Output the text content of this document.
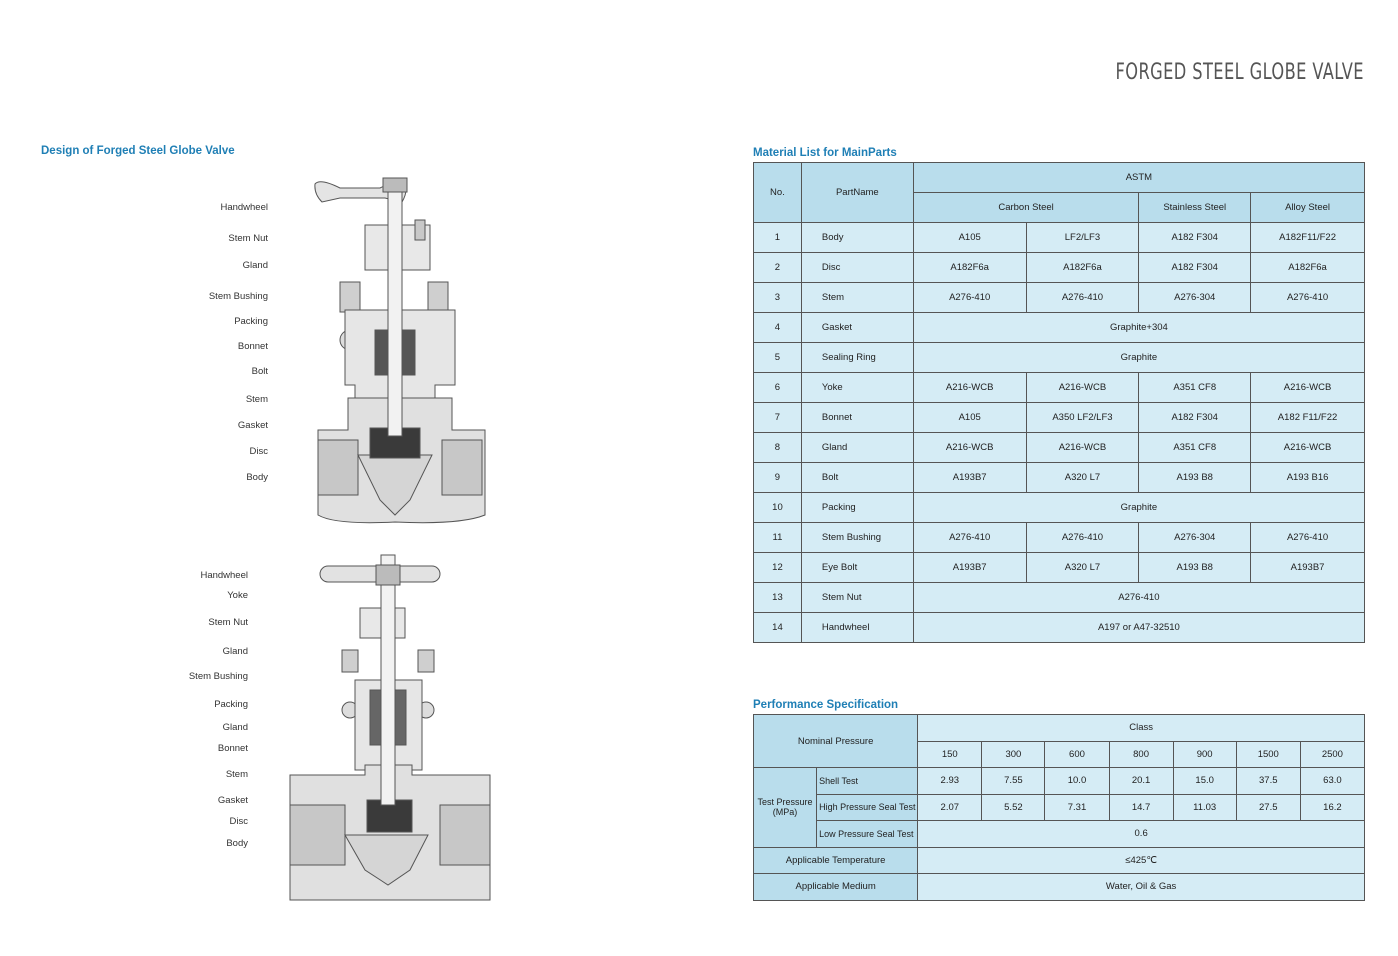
FORGED STEEL GLOBE VALVE
Design of Forged Steel Globe Valve
Handwheel
Stem Nut
Gland
Stem Bushing
Packing
Bonnet
Bolt
Stem
Gasket
Disc
Body
Handwheel
Yoke
Stem Nut
Gland
Stem Bushing
Packing
Gland
Bonnet
Stem
Gasket
Disc
Body
Material List for MainParts
No.	PartName	ASTM			
		Carbon Steel		Stainless Steel	Alloy Steel
1	Body	A105	LF2/LF3	A182 F304	A182F11/F22
2	Disc	A182F6a	A182F6a	A182 F304	A182F6a
3	Stem	A276-410	A276-410	A276-304	A276-410
4	Gasket	Graphite+304			
5	Sealing Ring	Graphite			
6	Yoke	A216-WCB	A216-WCB	A351 CF8	A216-WCB
7	Bonnet	A105	A350 LF2/LF3	A182 F304	A182 F11/F22
8	Gland	A216-WCB	A216-WCB	A351 CF8	A216-WCB
9	Bolt	A193B7	A320 L7	A193 B8	A193 B16
10	Packing	Graphite			
11	Stem Bushing	A276-410	A276-410	A276-304	A276-410
12	Eye Bolt	A193B7	A320 L7	A193 B8	A193B7
13	Stem Nut	A276-410			
14	Handwheel	A197 or A47-32510			
Performance Specification
Nominal Pressure		Class						
		150	300	600	800	900	1500	2500
Test Pressure (MPa)	Shell Test	2.93	7.55	10.0	20.1	15.0	37.5	63.0
	High Pressure Seal Test	2.07	5.52	7.31	14.7	11.03	27.5	16.2
	Low Pressure Seal Test	0.6						
Applicable Temperature		≤425℃						
Applicable Medium		Water, Oil & Gas						
